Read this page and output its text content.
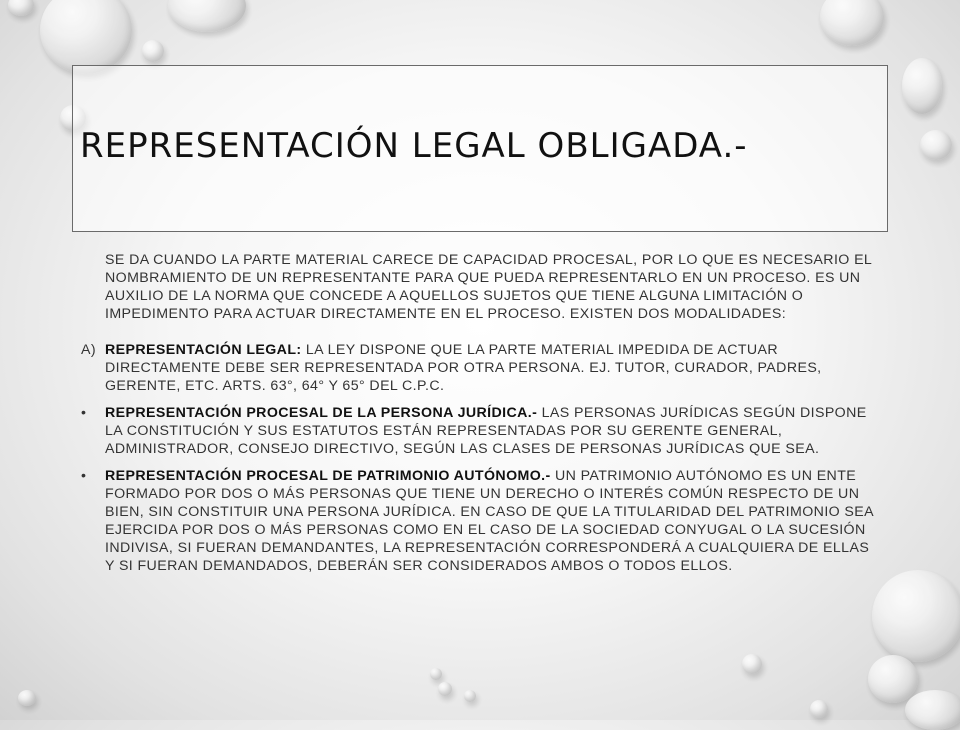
REPRESENTACIÓN LEGAL OBLIGADA.-
SE DA CUANDO LA PARTE MATERIAL CARECE DE CAPACIDAD PROCESAL, POR LO QUE ES NECESARIO EL NOMBRAMIENTO DE UN REPRESENTANTE PARA QUE PUEDA REPRESENTARLO EN UN PROCESO. ES UN AUXILIO DE LA NORMA QUE CONCEDE A AQUELLOS SUJETOS QUE TIENE ALGUNA LIMITACIÓN O IMPEDIMENTO PARA ACTUAR DIRECTAMENTE EN EL PROCESO. EXISTEN DOS MODALIDADES:
A) REPRESENTACIÓN LEGAL: LA LEY DISPONE QUE LA PARTE MATERIAL IMPEDIDA DE ACTUAR DIRECTAMENTE DEBE SER REPRESENTADA POR OTRA PERSONA. EJ. TUTOR, CURADOR, PADRES, GERENTE, ETC. ARTS. 63°, 64° Y 65° DEL C.P.C.
• REPRESENTACIÓN PROCESAL DE LA PERSONA JURÍDICA.- LAS PERSONAS JURÍDICAS SEGÚN DISPONE LA CONSTITUCIÓN Y SUS ESTATUTOS ESTÁN REPRESENTADAS POR SU GERENTE GENERAL, ADMINISTRADOR, CONSEJO DIRECTIVO, SEGÚN LAS CLASES DE PERSONAS JURÍDICAS QUE SEA.
• REPRESENTACIÓN PROCESAL DE PATRIMONIO AUTÓNOMO.- UN PATRIMONIO AUTÓNOMO ES UN ENTE FORMADO POR DOS O MÁS PERSONAS QUE TIENE UN DERECHO O INTERÉS COMÚN RESPECTO DE UN BIEN, SIN CONSTITUIR UNA PERSONA JURÍDICA. EN CASO DE QUE LA TITULARIDAD DEL PATRIMONIO SEA EJERCIDA POR DOS O MÁS PERSONAS COMO EN EL CASO DE LA SOCIEDAD CONYUGAL O LA SUCESIÓN INDIVISA, SI FUERAN DEMANDANTES, LA REPRESENTACIÓN CORRESPONDERÁ A CUALQUIERA DE ELLAS Y SI FUERAN DEMANDADOS, DEBERÁN SER CONSIDERADOS AMBOS O TODOS ELLOS.
